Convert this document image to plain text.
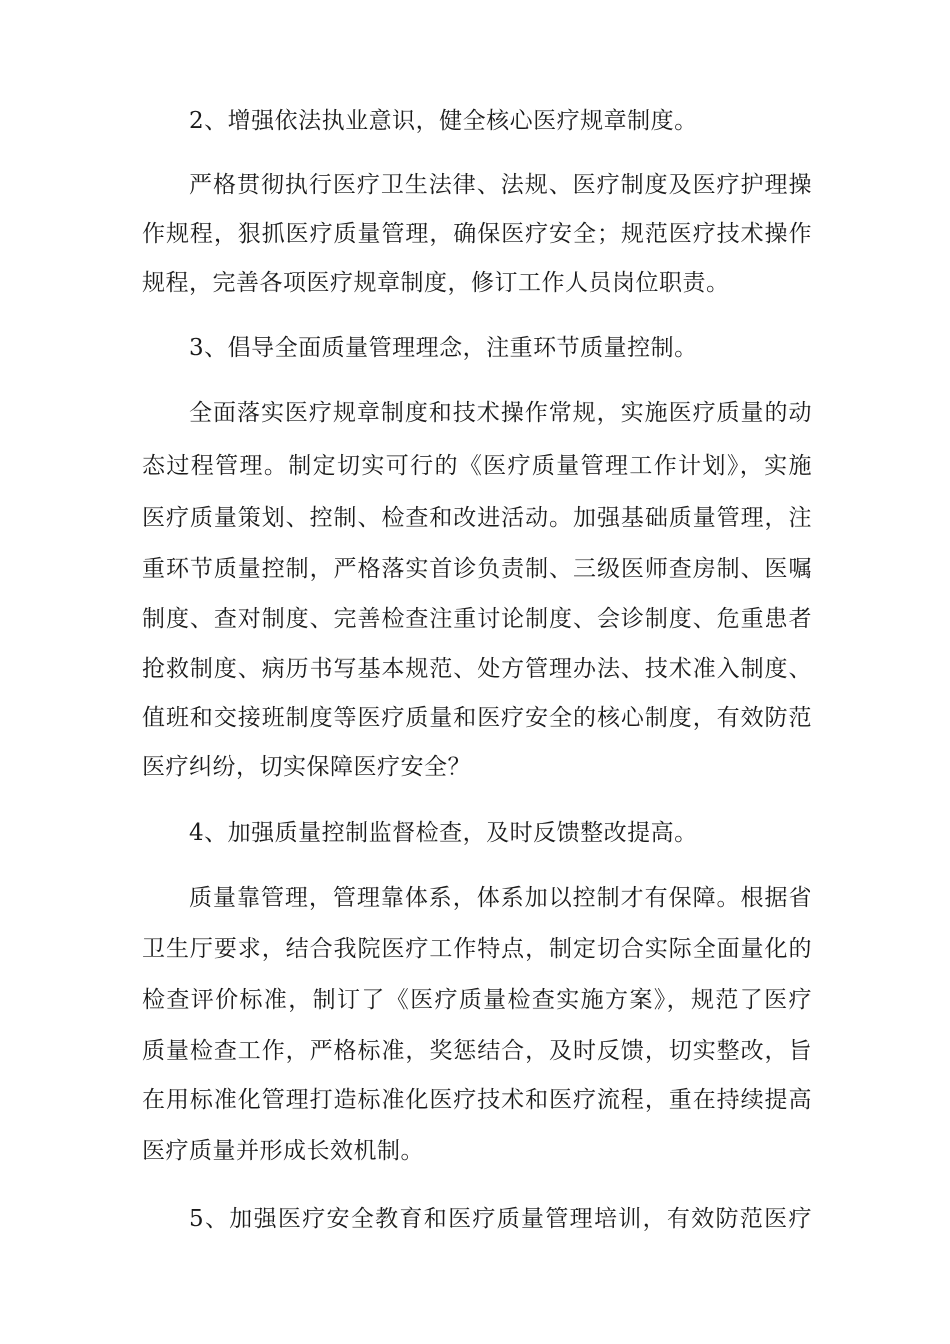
2、增强依法执业意识，健全核心医疗规章制度。
严格贯彻执行医疗卫生法律、法规、医疗制度及医疗护理操
作规程，狠抓医疗质量管理，确保医疗安全；规范医疗技术操作
规程，完善各项医疗规章制度，修订工作人员岗位职责。
3、倡导全面质量管理理念，注重环节质量控制。
全面落实医疗规章制度和技术操作常规，实施医疗质量的动
态过程管理。制定切实可行的《医疗质量管理工作计划》，实施
医疗质量策划、控制、检查和改进活动。加强基础质量管理，注
重环节质量控制，严格落实首诊负责制、三级医师查房制、医嘱
制度、查对制度、完善检查注重讨论制度、会诊制度、危重患者
抢救制度、病历书写基本规范、处方管理办法、技术准入制度、
值班和交接班制度等医疗质量和医疗安全的核心制度，有效防范
医疗纠纷，切实保障医疗安全？
4、加强质量控制监督检查，及时反馈整改提高。
质量靠管理，管理靠体系，体系加以控制才有保障。根据省
卫生厅要求，结合我院医疗工作特点，制定切合实际全面量化的
检查评价标准，制订了《医疗质量检查实施方案》，规范了医疗
质量检查工作，严格标准，奖惩结合，及时反馈，切实整改，旨
在用标准化管理打造标准化医疗技术和医疗流程，重在持续提高
医疗质量并形成长效机制。
5、加强医疗安全教育和医疗质量管理培训，有效防范医疗
